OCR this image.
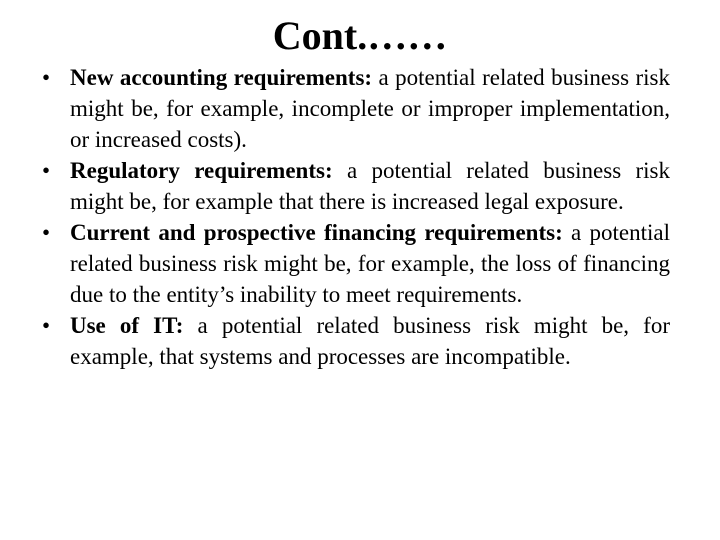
Cont.……
• New accounting requirements: a potential related business risk might be, for example, incomplete or improper implementation, or increased costs).
• Regulatory requirements: a potential related business risk might be, for example that there is increased legal exposure.
• Current and prospective financing requirements: a potential related business risk might be, for example, the loss of financing due to the entity’s inability to meet requirements.
• Use of IT: a potential related business risk might be, for example, that systems and processes are incompatible.
